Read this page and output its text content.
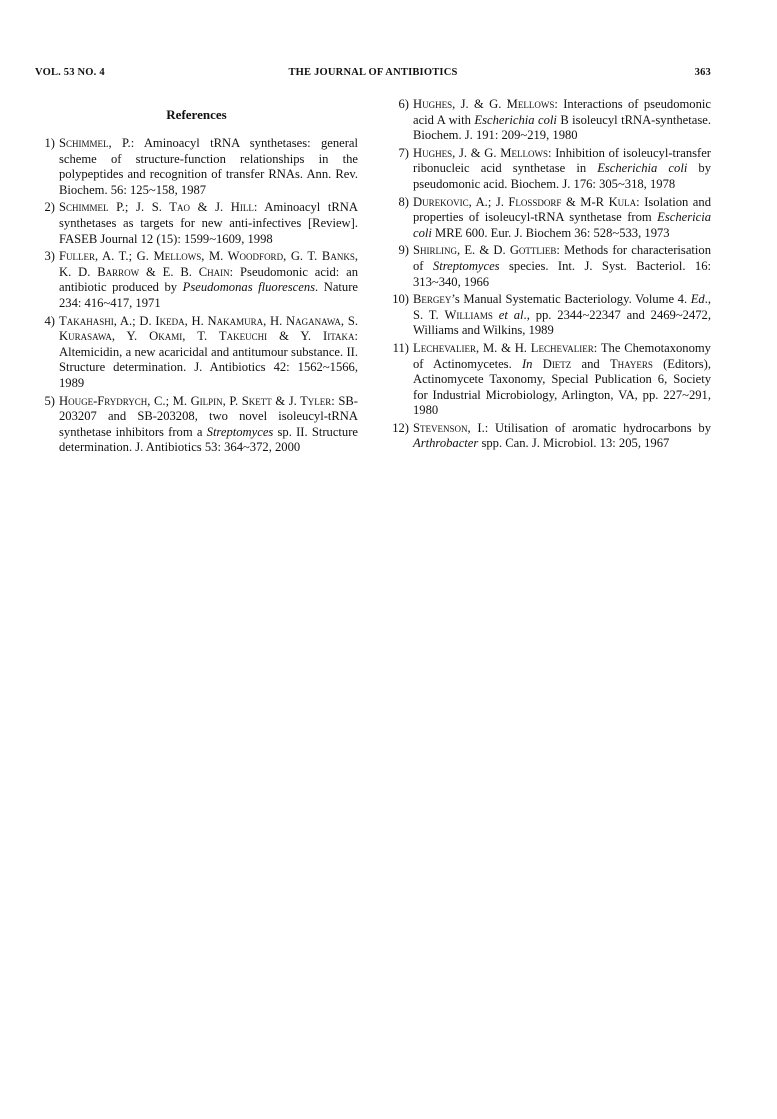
VOL. 53 NO. 4	THE JOURNAL OF ANTIBIOTICS	363
References
1) Schimmel, P.: Aminoacyl tRNA synthetases: general scheme of structure-function relationships in the polypeptides and recognition of transfer RNAs. Ann. Rev. Biochem. 56: 125~158, 1987
2) Schimmel P.; J. S. Tao & J. Hill: Aminoacyl tRNA synthetases as targets for new anti-infectives [Review]. FASEB Journal 12 (15): 1599~1609, 1998
3) Fuller, A. T.; G. Mellows, M. Woodford, G. T. Banks, K. D. Barrow & E. B. Chain: Pseudomonic acid: an antibiotic produced by Pseudomonas fluorescens. Nature 234: 416~417, 1971
4) Takahashi, A.; D. Ikeda, H. Nakamura, H. Naganawa, S. Kurasawa, Y. Okami, T. Takeuchi & Y. Iitaka: Altemicidin, a new acaricidal and antitumour substance. II. Structure determination. J. Antibiotics 42: 1562~1566, 1989
5) Houge-Frydrych, C.; M. Gilpin, P. Skett & J. Tyler: SB-203207 and SB-203208, two novel isoleucyl-tRNA synthetase inhibitors from a Streptomyces sp. II. Structure determination. J. Antibiotics 53: 364~372, 2000
6) Hughes, J. & G. Mellows: Interactions of pseudomonic acid A with Escherichia coli B isoleucyl tRNA-synthetase. Biochem. J. 191: 209~219, 1980
7) Hughes, J. & G. Mellows: Inhibition of isoleucyl-transfer ribonucleic acid synthetase in Escherichia coli by pseudomonic acid. Biochem. J. 176: 305~318, 1978
8) Durekovic, A.; J. Flossdorf & M-R Kula: Isolation and properties of isoleucyl-tRNA synthetase from Eschericia coli MRE 600. Eur. J. Biochem 36: 528~533, 1973
9) Shirling, E. & D. Gottlieb: Methods for characterisation of Streptomyces species. Int. J. Syst. Bacteriol. 16: 313~340, 1966
10) Bergey’s Manual Systematic Bacteriology. Volume 4. Ed., S. T. Williams et al., pp. 2344~22347 and 2469~2472, Williams and Wilkins, 1989
11) Lechevalier, M. & H. Lechevalier: The Chemotaxonomy of Actinomycetes. In Dietz and Thayers (Editors), Actinomycete Taxonomy, Special Publication 6, Society for Industrial Microbiology, Arlington, VA, pp. 227~291, 1980
12) Stevenson, I.: Utilisation of aromatic hydrocarbons by Arthrobacter spp. Can. J. Microbiol. 13: 205, 1967
